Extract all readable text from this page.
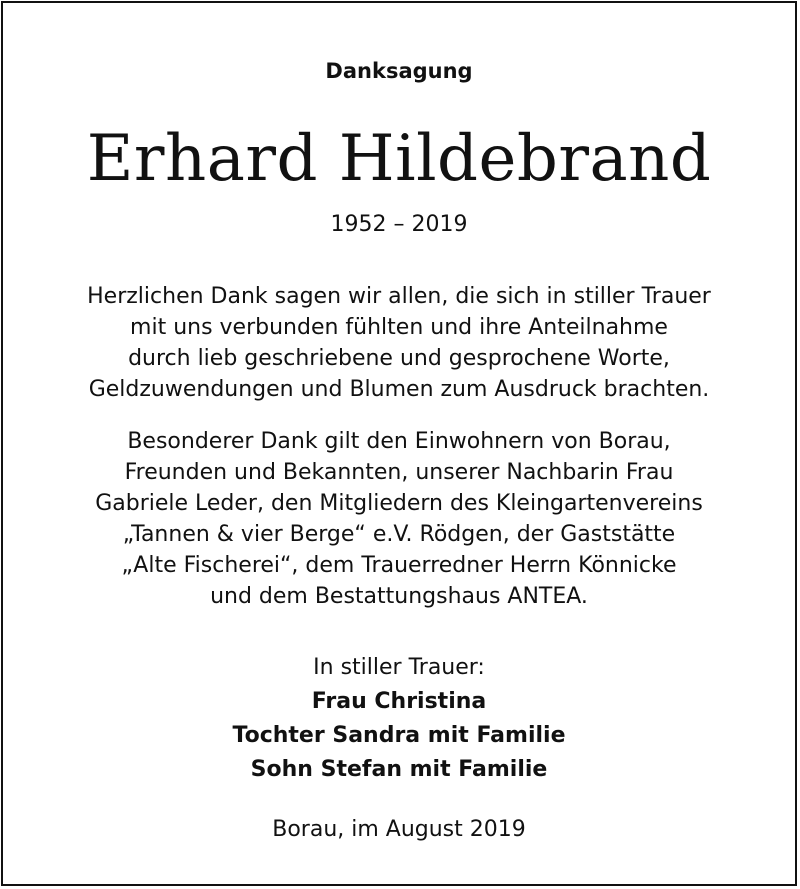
Danksagung
Erhard Hildebrand
1952 – 2019
Herzlichen Dank sagen wir allen, die sich in stiller Trauer
mit uns verbunden fühlten und ihre Anteilnahme
durch lieb geschriebene und gesprochene Worte,
Geldzuwendungen und Blumen zum Ausdruck brachten.
Besonderer Dank gilt den Einwohnern von Borau,
Freunden und Bekannten, unserer Nachbarin Frau
Gabriele Leder, den Mitgliedern des Kleingartenvereins
„Tannen & vier Berge“ e.V. Rödgen, der Gaststätte
„Alte Fischerei“, dem Trauerredner Herrn Könnicke
und dem Bestattungshaus ANTEA.
In stiller Trauer:
Frau Christina
Tochter Sandra mit Familie
Sohn Stefan mit Familie
Borau, im August 2019
